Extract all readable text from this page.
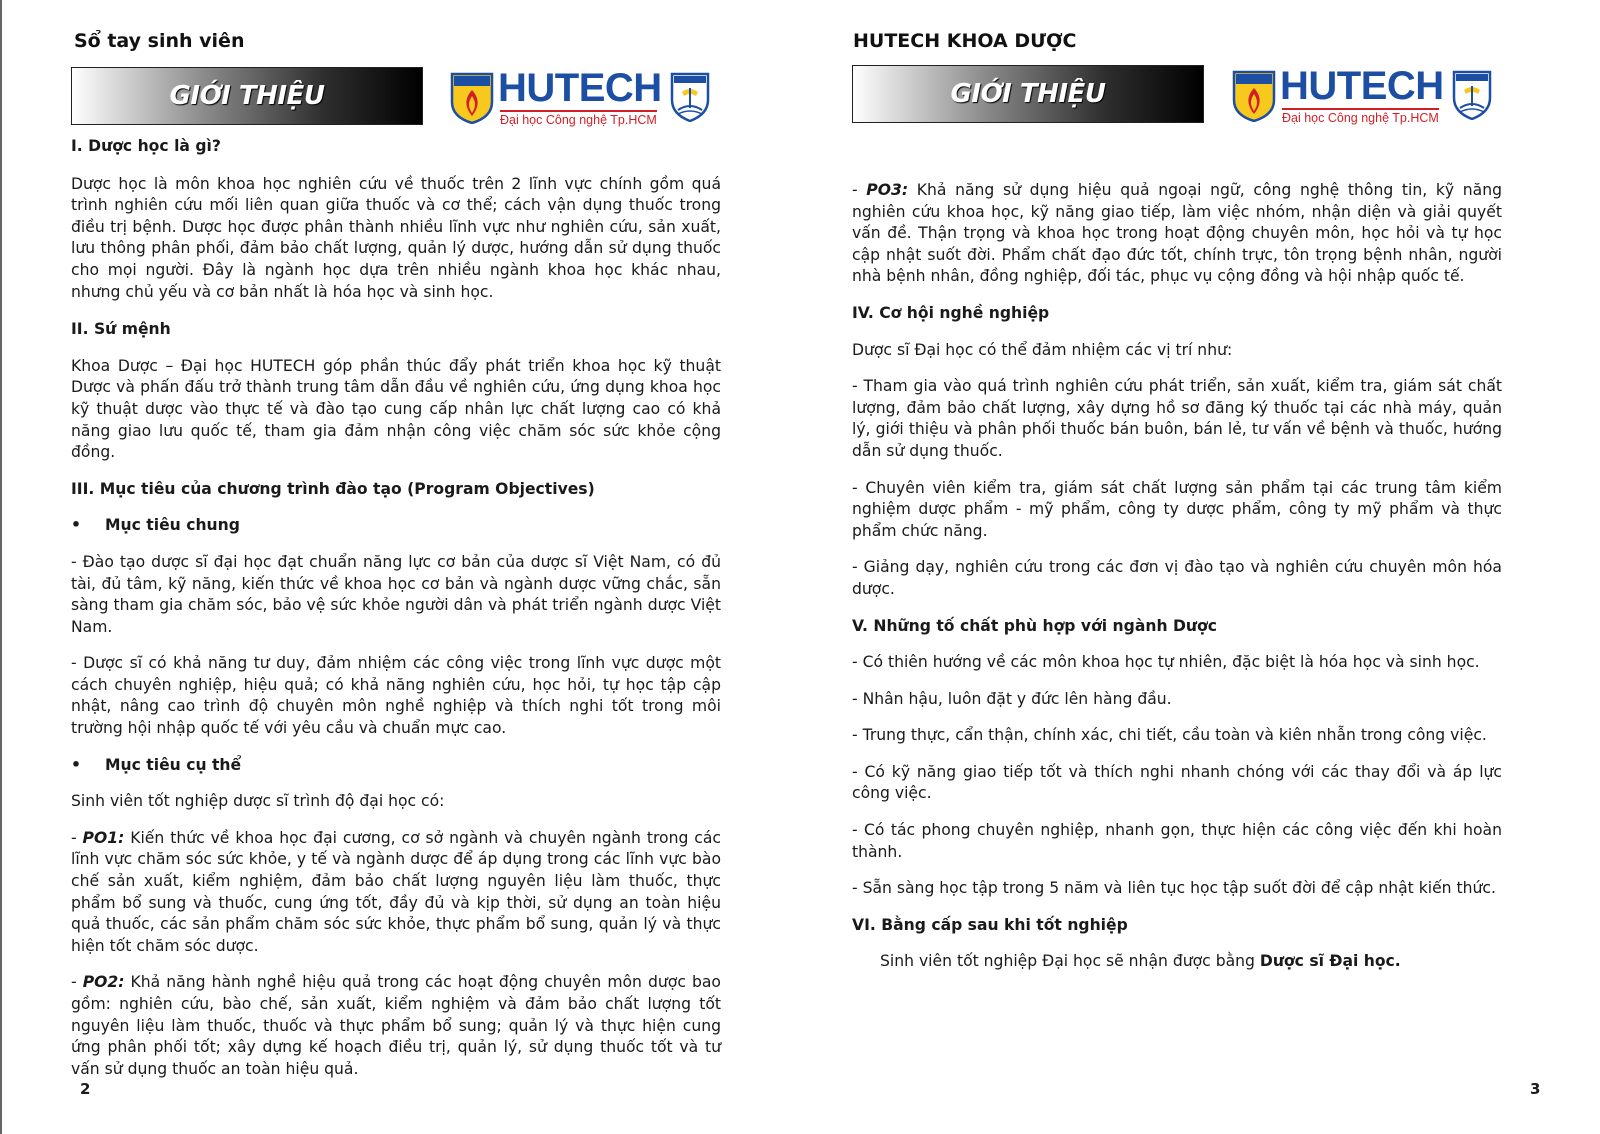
Sổ tay sinh viên
GIỚI THIỆU	HUTECH
Đại học Công nghệ Tp.HCM
I. Dược học là gì?

Dược học là môn khoa học nghiên cứu về thuốc trên 2 lĩnh vực chính gồm quá trình nghiên cứu mối liên quan giữa thuốc và cơ thể; cách vận dụng thuốc trong điều trị bệnh. Dược học được phân thành nhiều lĩnh vực như nghiên cứu, sản xuất, lưu thông phân phối, đảm bảo chất lượng, quản lý dược, hướng dẫn sử dụng thuốc cho mọi người. Đây là ngành học dựa trên nhiều ngành khoa học khác nhau, nhưng chủ yếu và cơ bản nhất là hóa học và sinh học.

II. Sứ mệnh

Khoa Dược – Đại học HUTECH góp phần thúc đẩy phát triển khoa học kỹ thuật Dược và phấn đấu trở thành trung tâm dẫn đầu về nghiên cứu, ứng dụng khoa học kỹ thuật dược vào thực tế và đào tạo cung cấp nhân lực chất lượng cao có khả năng giao lưu quốc tế, tham gia đảm nhận công việc chăm sóc sức khỏe cộng đồng.

III. Mục tiêu của chương trình đào tạo (Program Objectives)
•	Mục tiêu chung

- Đào tạo dược sĩ đại học đạt chuẩn năng lực cơ bản của dược sĩ Việt Nam, có đủ tài, đủ tâm, kỹ năng, kiến thức về khoa học cơ bản và ngành dược vững chắc, sẵn sàng tham gia chăm sóc, bảo vệ sức khỏe người dân và phát triển ngành dược Việt Nam.

- Dược sĩ có khả năng tư duy, đảm nhiệm các công việc trong lĩnh vực dược một cách chuyên nghiệp, hiệu quả; có khả năng nghiên cứu, học hỏi, tự học tập cập nhật, nâng cao trình độ chuyên môn nghề nghiệp và thích nghi tốt trong môi trường hội nhập quốc tế với yêu cầu và chuẩn mực cao.

•	Mục tiêu cụ thể

Sinh viên tốt nghiệp dược sĩ trình độ đại học có:

- PO1: Kiến thức về khoa học đại cương, cơ sở ngành và chuyên ngành trong các lĩnh vực chăm sóc sức khỏe, y tế và ngành dược để áp dụng trong các lĩnh vực bào chế sản xuất, kiểm nghiệm, đảm bảo chất lượng nguyên liệu làm thuốc, thực phẩm bổ sung và thuốc, cung ứng tốt, đầy đủ và kịp thời, sử dụng an toàn hiệu quả thuốc, các sản phẩm chăm sóc sức khỏe, thực phẩm bổ sung, quản lý và thực hiện tốt chăm sóc dược.

- PO2: Khả năng hành nghề hiệu quả trong các hoạt động chuyên môn dược bao gồm: nghiên cứu, bào chế, sản xuất, kiểm nghiệm và đảm bảo chất lượng tốt nguyên liệu làm thuốc, thuốc và thực phẩm bổ sung; quản lý và thực hiện cung ứng phân phối tốt; xây dựng kế hoạch điều trị, quản lý, sử dụng thuốc tốt và tư vấn sử dụng thuốc an toàn hiệu quả.

2
HUTECH KHOA DƯỢC
GIỚI THIỆU	HUTECH
Đại học Công nghệ Tp.HCM

- PO3: Khả năng sử dụng hiệu quả ngoại ngữ, công nghệ thông tin, kỹ năng nghiên cứu khoa học, kỹ năng giao tiếp, làm việc nhóm, nhận diện và giải quyết vấn đề. Thận trọng và khoa học trong hoạt động chuyên môn, học hỏi và tự học cập nhật suốt đời. Phẩm chất đạo đức tốt, chính trực, tôn trọng bệnh nhân, người nhà bệnh nhân, đồng nghiệp, đối tác, phục vụ cộng đồng và hội nhập quốc tế.

IV. Cơ hội nghề nghiệp

Dược sĩ Đại học có thể đảm nhiệm các vị trí như:

- Tham gia vào quá trình nghiên cứu phát triển, sản xuất, kiểm tra, giám sát chất lượng, đảm bảo chất lượng, xây dựng hồ sơ đăng ký thuốc tại các nhà máy, quản lý, giới thiệu và phân phối thuốc bán buôn, bán lẻ, tư vấn về bệnh và thuốc, hướng dẫn sử dụng thuốc.

- Chuyên viên kiểm tra, giám sát chất lượng sản phẩm tại các trung tâm kiểm nghiệm dược phẩm - mỹ phẩm, công ty dược phẩm, công ty mỹ phẩm và thực phẩm chức năng.

- Giảng dạy, nghiên cứu trong các đơn vị đào tạo và nghiên cứu chuyên môn hóa dược.

V. Những tố chất phù hợp với ngành Dược

- Có thiên hướng về các môn khoa học tự nhiên, đặc biệt là hóa học và sinh học.

- Nhân hậu, luôn đặt y đức lên hàng đầu.

- Trung thực, cẩn thận, chính xác, chi tiết, cầu toàn và kiên nhẫn trong công việc.

- Có kỹ năng giao tiếp tốt và thích nghi nhanh chóng với các thay đổi và áp lực công việc.

- Có tác phong chuyên nghiệp, nhanh gọn, thực hiện các công việc đến khi hoàn thành.

- Sẵn sàng học tập trong 5 năm và liên tục học tập suốt đời để cập nhật kiến thức.

VI. Bằng cấp sau khi tốt nghiệp

Sinh viên tốt nghiệp Đại học sẽ nhận được bằng Dược sĩ Đại học.

3
